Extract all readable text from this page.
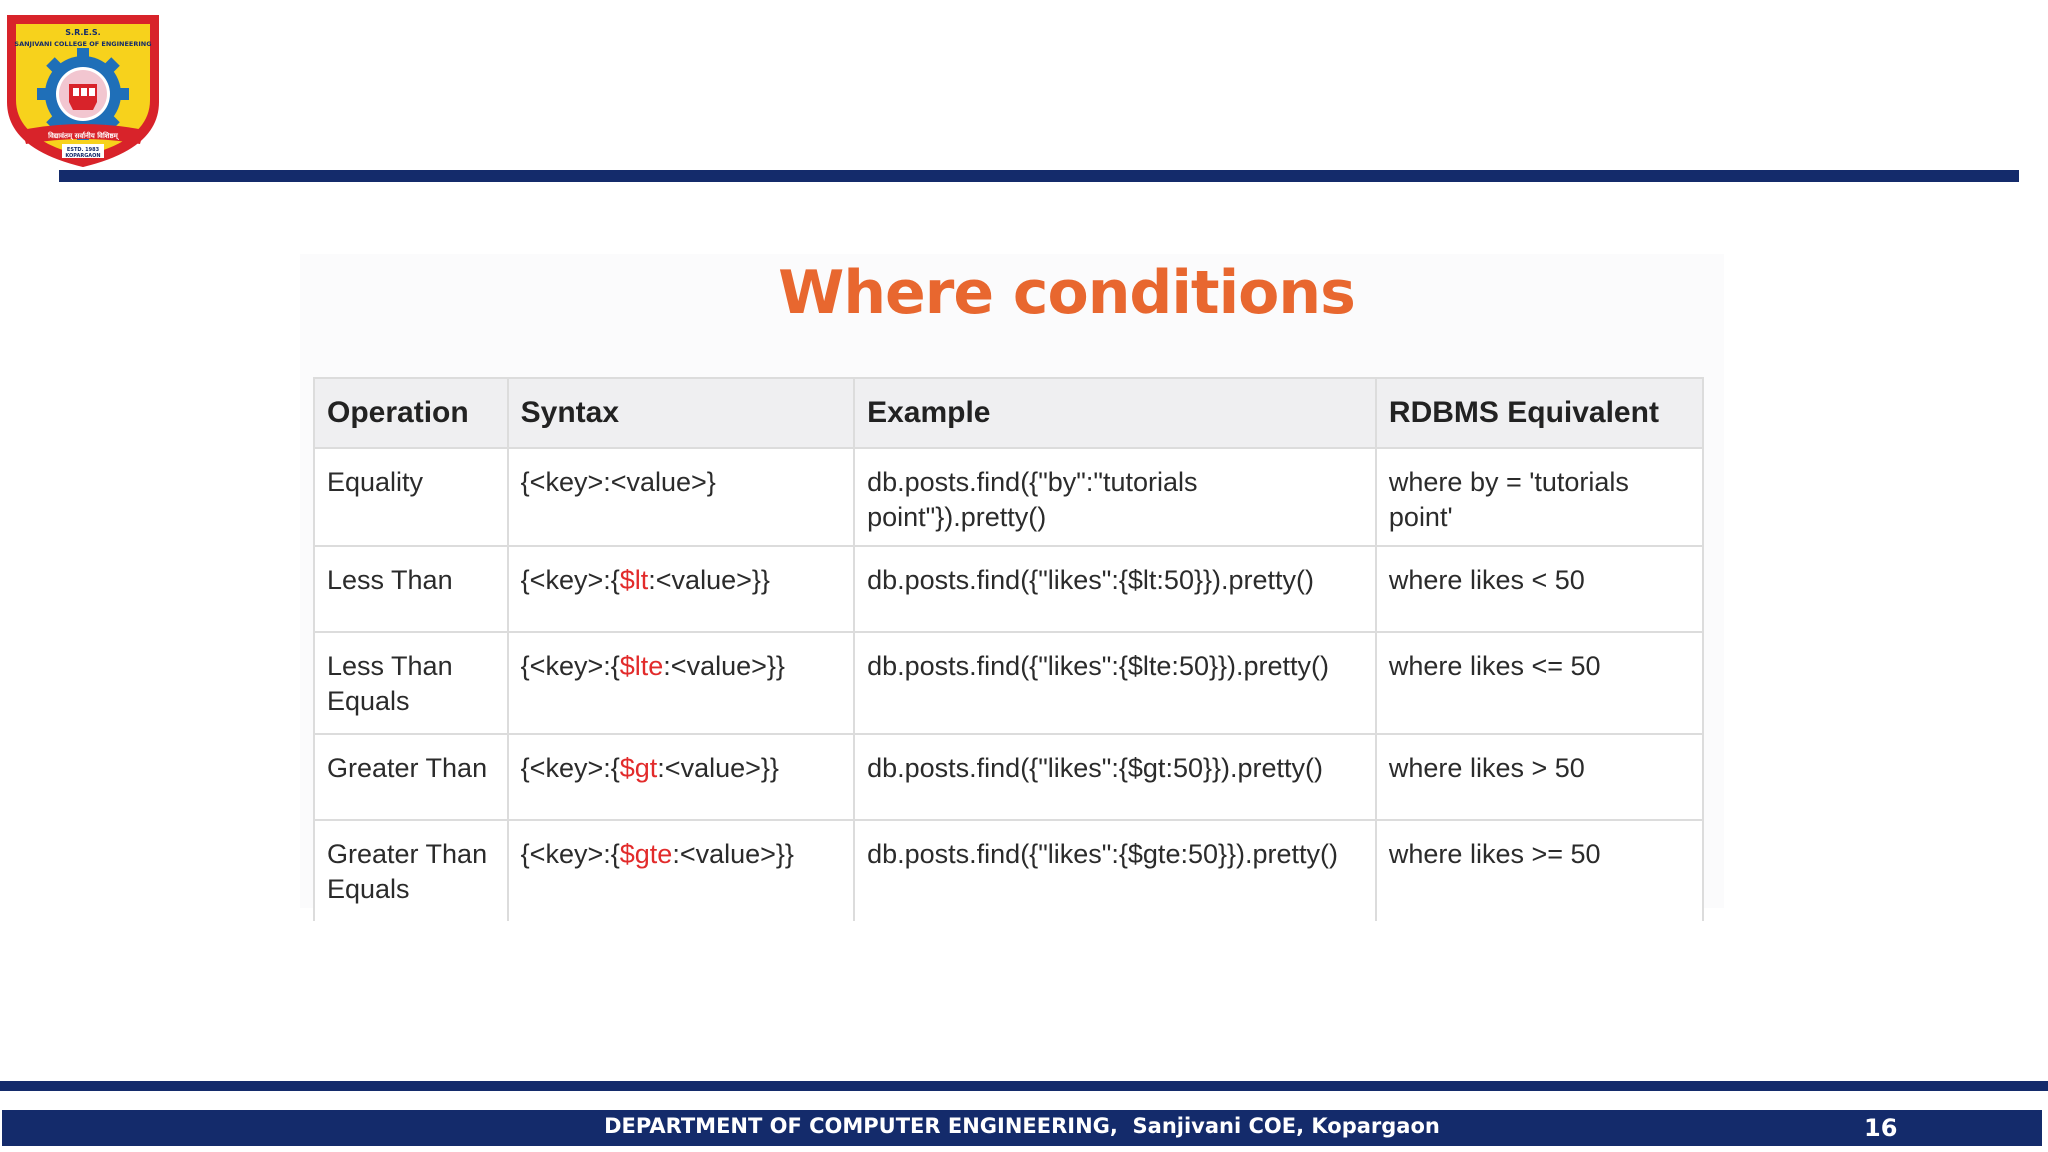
S.R.E.S.
SANJIVANI COLLEGE OF ENGINEERING
विद्यावंतम् सर्वानीय विशिष्ठम्
ESTD. 1983
KOPARGAON
Where conditions
Operation	Syntax	Example	RDBMS Equivalent
Equality	{<key>:<value>}	db.posts.find({"by":"tutorials point"}).pretty()	where by = 'tutorials point'
Less Than	{<key>:{$lt:<value>}}	db.posts.find({"likes":{$lt:50}}).pretty()	where likes < 50
Less Than Equals	{<key>:{$lte:<value>}}	db.posts.find({"likes":{$lte:50}}).pretty()	where likes <= 50
Greater Than	{<key>:{$gt:<value>}}	db.posts.find({"likes":{$gt:50}}).pretty()	where likes > 50
Greater Than Equals	{<key>:{$gte:<value>}}	db.posts.find({"likes":{$gte:50}}).pretty()	where likes >= 50
DEPARTMENT OF COMPUTER ENGINEERING,  Sanjivani COE, Kopargaon	16
